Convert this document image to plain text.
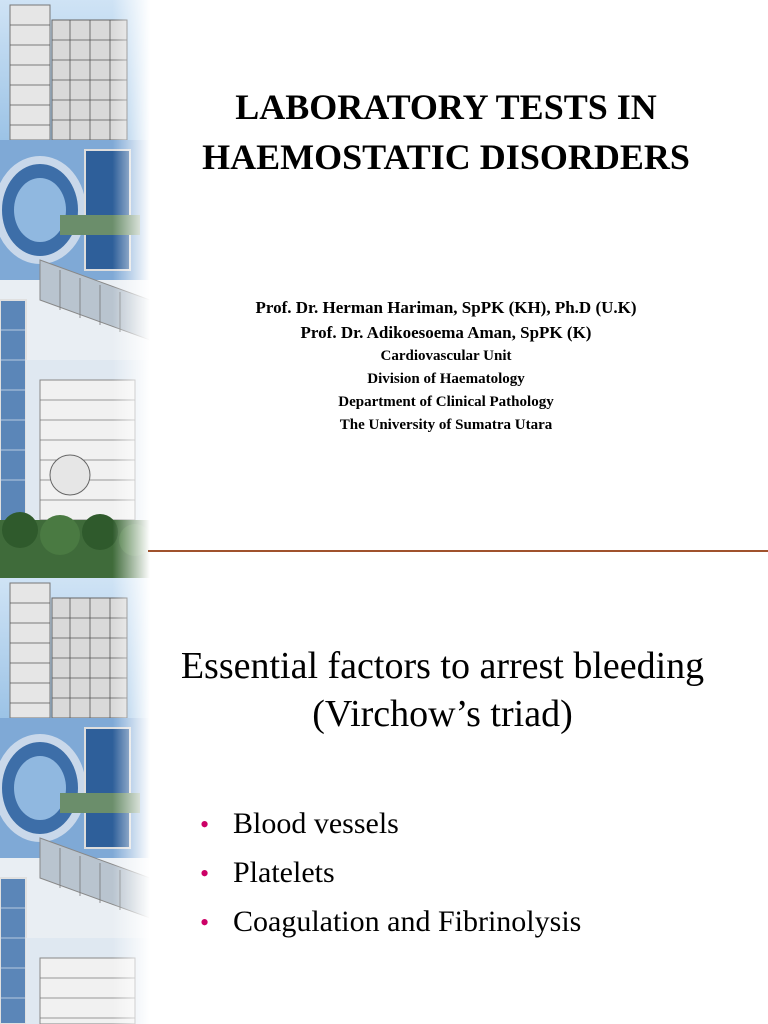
LABORATORY TESTS IN
HAEMOSTATIC DISORDERS
Prof. Dr. Herman Hariman, SpPK (KH), Ph.D (U.K)
Prof. Dr. Adikoesoema Aman, SpPK (K)
Cardiovascular Unit
Division of Haematology
Department of Clinical Pathology
The University of Sumatra Utara
Essential factors to arrest bleeding
(Virchow’s triad)
• Blood vessels
• Platelets
• Coagulation and Fibrinolysis
